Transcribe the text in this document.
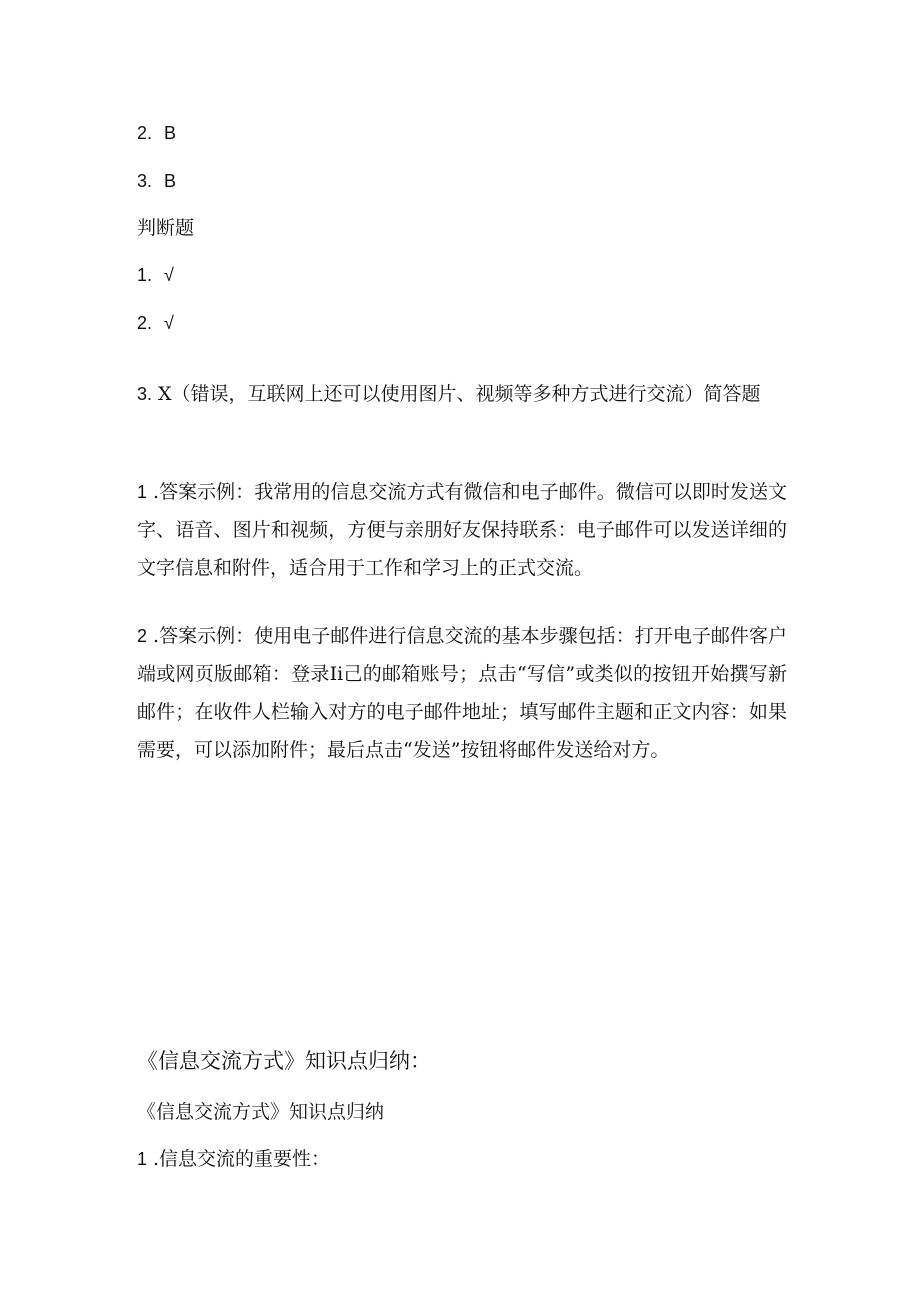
2. B
3. B
判断题
1. √
2. √
3. X（错误，互联网上还可以使用图片、视频等多种方式进行交流）简答题
1 .答案示例：我常用的信息交流方式有微信和电子邮件。微信可以即时发送文字、语音、图片和视频，方便与亲朋好友保持联系：电子邮件可以发送详细的文字信息和附件，适合用于工作和学习上的正式交流。
2 .答案示例：使用电子邮件进行信息交流的基本步骤包括：打开电子邮件客户端或网页版邮箱：登录Ii己的邮箱账号；点击“写信”或类似的按钮开始撰写新邮件；在收件人栏输入对方的电子邮件地址；填写邮件主题和正文内容：如果需要，可以添加附件；最后点击“发送”按钮将邮件发送给对方。
《信息交流方式》知识点归纳：
《信息交流方式》知识点归纳
1 .信息交流的重要性：
